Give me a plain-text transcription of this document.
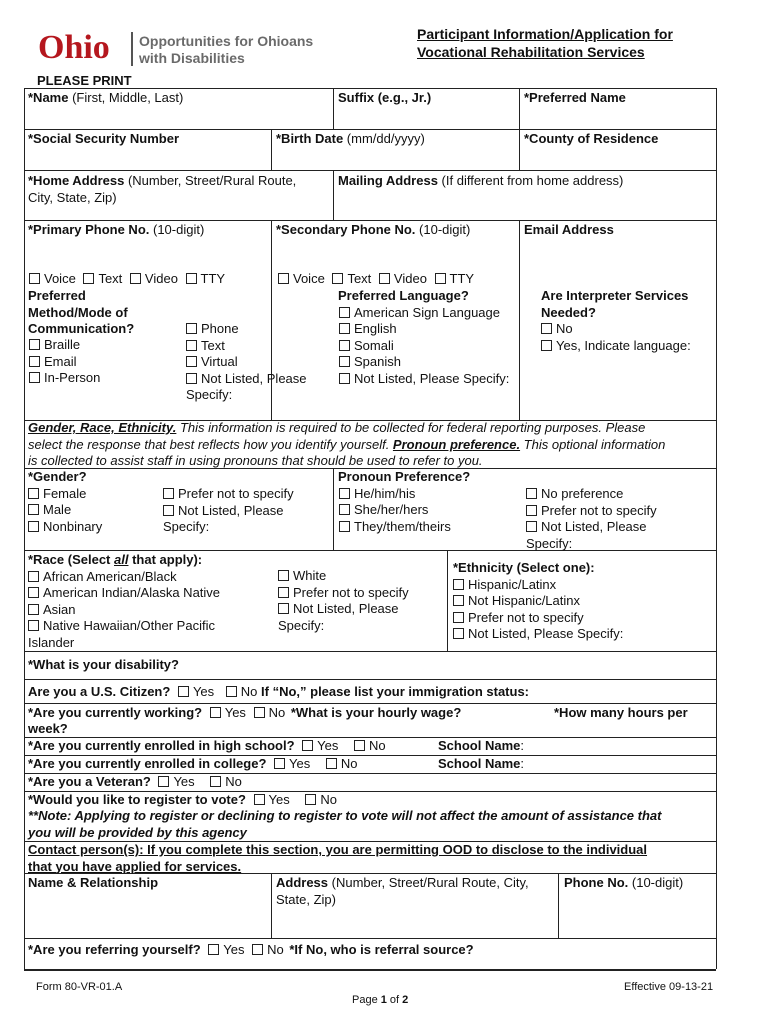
Ohio Opportunities for Ohioans
with Disabilities
Participant Information/Application for
Vocational Rehabilitation Services
PLEASE PRINT
*Name (First, Middle, Last)	Suffix (e.g., Jr.)	*Preferred Name
*Social Security Number	*Birth Date (mm/dd/yyyy)	*County of Residence
*Home Address (Number, Street/Rural Route,
City, State, Zip)
Mailing Address (If different from home address)
*Primary Phone No. (10-digit)	*Secondary Phone No. (10-digit)	Email Address
Voice Text Video TTY	Voice Text Video TTY
Preferred
Method/Mode of
Communication?
Braille
Email
In-Person
Phone
Text
Virtual
Not Listed, Please
Specify:
Preferred Language?
American Sign Language
English
Somali
Spanish
Not Listed, Please Specify:
Are Interpreter Services
Needed?
No
Yes, Indicate language:
Gender, Race, Ethnicity. This information is required to be collected for federal reporting purposes. Please
select the response that best reflects how you identify yourself. Pronoun preference. This optional information
is collected to assist staff in using pronouns that should be used to refer to you.
*Gender?
Female
Male
Nonbinary
Prefer not to specify
Not Listed, Please
Specify:
Pronoun Preference?
He/him/his
She/her/hers
They/them/theirs
No preference
Prefer not to specify
Not Listed, Please
Specify:
*Race (Select all that apply):
African American/Black
American Indian/Alaska Native
Asian
Native Hawaiian/Other Pacific
Islander
White
Prefer not to specify
Not Listed, Please
Specify:
*Ethnicity (Select one):
Hispanic/Latinx
Not Hispanic/Latinx
Prefer not to specify
Not Listed, Please Specify:
*What is your disability?
Are you a U.S. Citizen? Yes No If “No,” please list your immigration status:
*Are you currently working? Yes No *What is your hourly wage?	*How many hours per
week?
*Are you currently enrolled in high school? Yes No	School Name:
*Are you currently enrolled in college? Yes No	School Name:
*Are you a Veteran? Yes No
*Would you like to register to vote? Yes No
**Note: Applying to register or declining to register to vote will not affect the amount of assistance that
you will be provided by this agency
Contact person(s): If you complete this section, you are permitting OOD to disclose to the individual
that you have applied for services.
Name & Relationship	Address (Number, Street/Rural Route, City,
State, Zip)
Phone No. (10-digit)
*Are you referring yourself? Yes No *If No, who is referral source?
Form 80-VR-01.A	Effective 09-13-21
Page 1 of 2
